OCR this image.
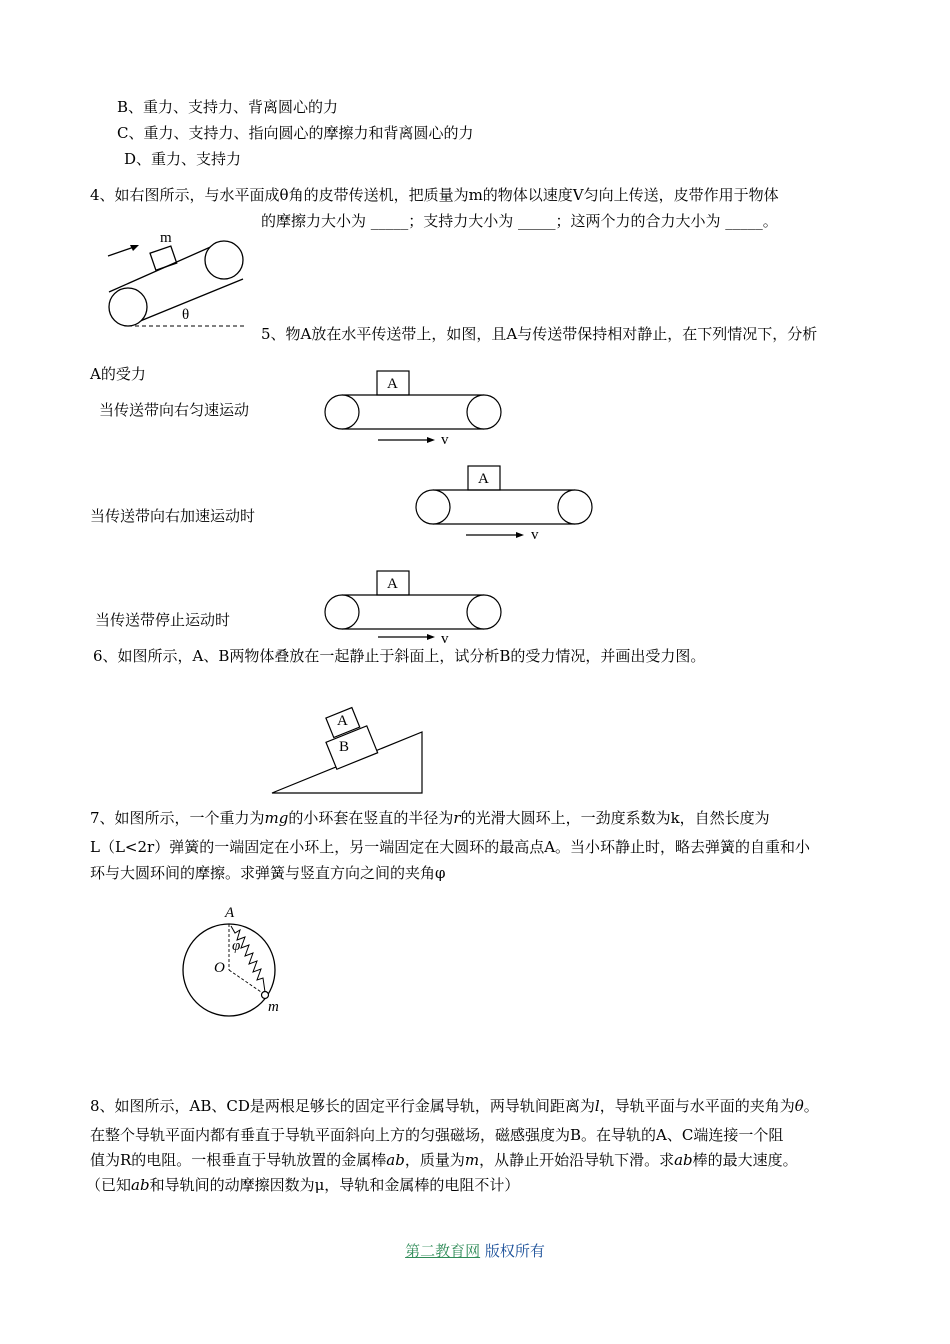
B、重力、支持力、背离圆心的力
C、重力、支持力、指向圆心的摩擦力和背离圆心的力
D、重力、支持力
4、如右图所示，与水平面成θ角的皮带传送机，把质量为m的物体以速度V匀向上传送，皮带作用于物体
的摩擦力大小为 _____；支持力大小为 _____；这两个力的合力大小为 _____。
m
θ
5、物A放在水平传送带上，如图，且A与传送带保持相对静止，在下列情况下，分析
A的受力
当传送带向右匀速运动
当传送带向右加速运动时
当传送带停止运动时
A
v
A
v
A
v
6、如图所示，A、B两物体叠放在一起静止于斜面上，试分析B的受力情况，并画出受力图。
A
B
7、如图所示，一个重力为mg的小环套在竖直的半径为r的光滑大圆环上，一劲度系数为k，自然长度为
L（L<2r）弹簧的一端固定在小环上，另一端固定在大圆环的最高点A。当小环静止时，略去弹簧的自重和小
环与大圆环间的摩擦。求弹簧与竖直方向之间的夹角φ
A
O
m
φ
8、如图所示，AB、CD是两根足够长的固定平行金属导轨，两导轨间距离为l，导轨平面与水平面的夹角为θ。
在整个导轨平面内都有垂直于导轨平面斜向上方的匀强磁场，磁感强度为B。在导轨的A、C端连接一个阻
值为R的电阻。一根垂直于导轨放置的金属棒ab，质量为m，从静止开始沿导轨下滑。求ab棒的最大速度。
（已知ab和导轨间的动摩擦因数为μ，导轨和金属棒的电阻不计）
第二教育网 版权所有
